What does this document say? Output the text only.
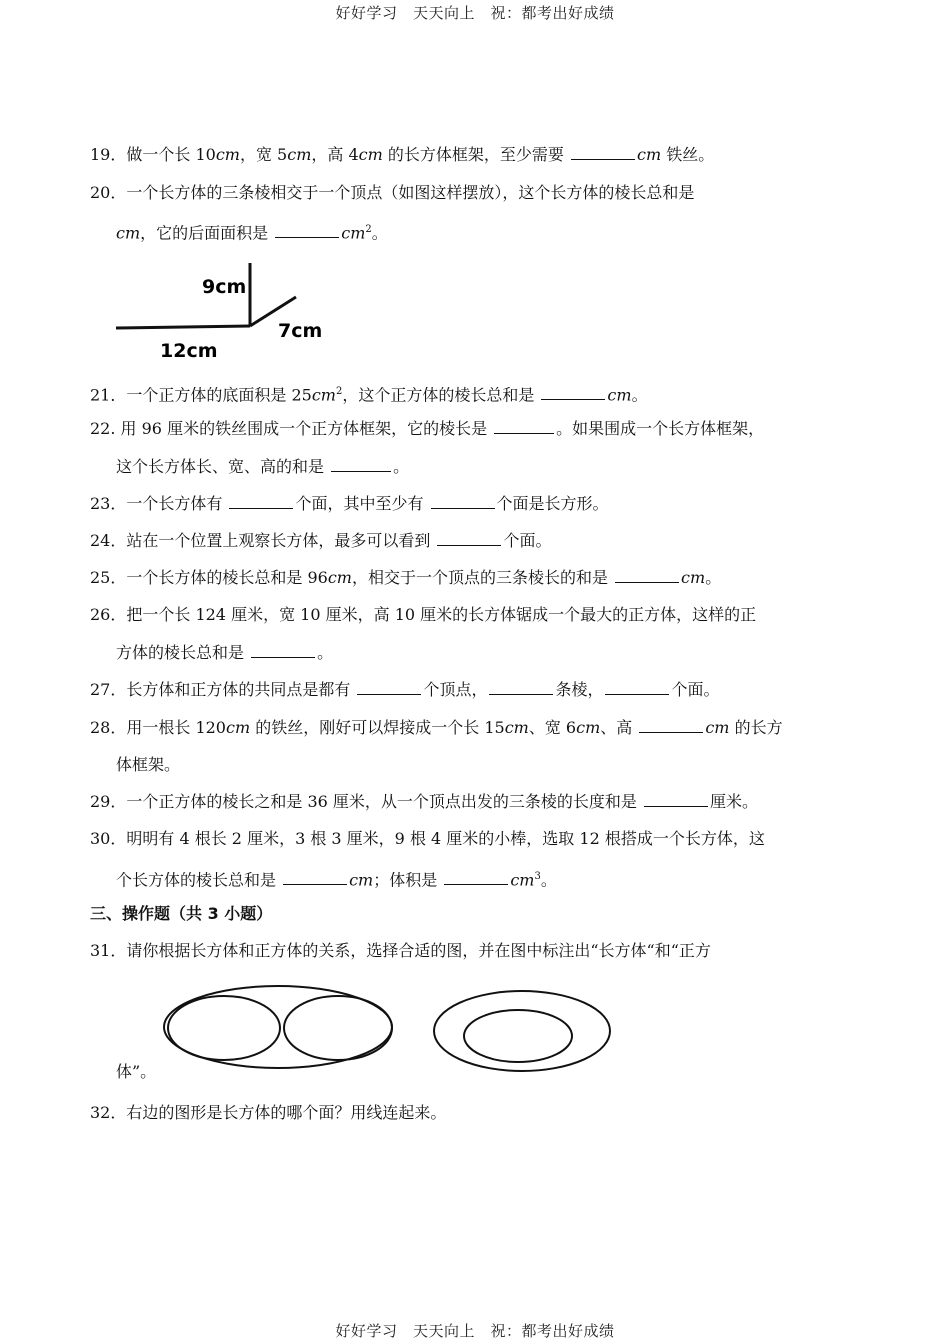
好好学习　天天向上　祝：都考出好成绩
19．做一个长 10cm，宽 5cm，高 4cm 的长方体框架，至少需要	cm 铁丝。
20．一个长方体的三条棱相交于一个顶点（如图这样摆放），这个长方体的棱长总和是
cm，它的后面面积是	$cm^2$。
9cm
7cm
12cm
21．一个正方体的底面积是 $25cm^2$，这个正方体的棱长总和是	cm。
22. 用 96 厘米的铁丝围成一个正方体框架，它的棱长是	。如果围成一个长方体框架，
这个长方体长、宽、高的和是	。
23．一个长方体有	个面，其中至少有	个面是长方形。
24．站在一个位置上观察长方体，最多可以看到	个面。
25．一个长方体的棱长总和是 96cm，相交于一个顶点的三条棱长的和是	cm。
26．把一个长 124 厘米，宽 10 厘米，高 10 厘米的长方体锯成一个最大的正方体，这样的正
方体的棱长总和是	。
27．长方体和正方体的共同点是都有	个顶点，	条棱，	个面。
28．用一根长 120cm 的铁丝，刚好可以焊接成一个长 15cm、宽 6cm、高	cm 的长方
体框架。
29．一个正方体的棱长之和是 36 厘米，从一个顶点出发的三条棱的长度和是	厘米。
30．明明有 4 根长 2 厘米，3 根 3 厘米，9 根 4 厘米的小棒，选取 12 根搭成一个长方体，这
个长方体的棱长总和是	cm；体积是	$cm^3$。
三、操作题（共 3 小题）
31．请你根据长方体和正方体的关系，选择合适的图，并在图中标注出“长方体“和“正方
体”。
32．右边的图形是长方体的哪个面？用线连起来。
好好学习　天天向上　祝：都考出好成绩
